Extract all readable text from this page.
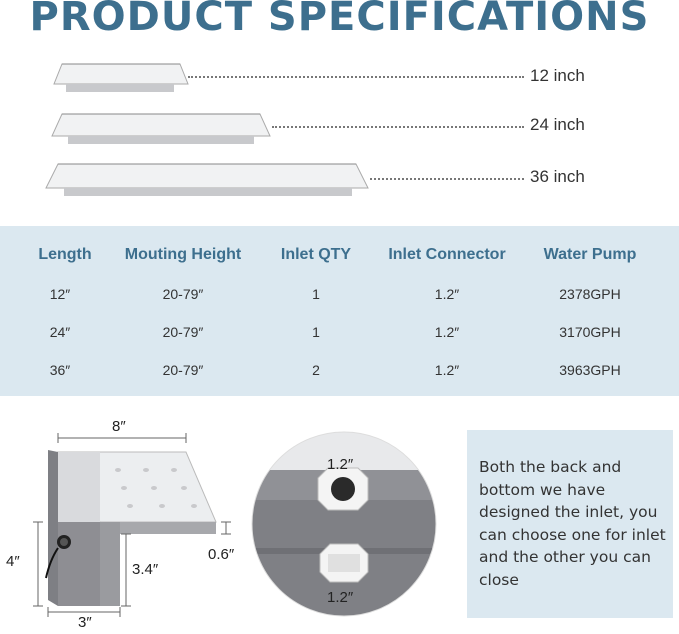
PRODUCT SPECIFICATIONS
12 inch
24 inch
36 inch
Length	Mouting Height	Inlet QTY	Inlet Connector	Water Pump
12″	20-79″	1	1.2″	2378GPH
24″	20-79″	1	1.2″	3170GPH
36″	20-79″	2	1.2″	3963GPH
8″
4″	3.4″
0.6″
3″
1.2″
1.2″
Both the back and bottom we have designed the inlet, you can choose one for inlet and the other you can close
